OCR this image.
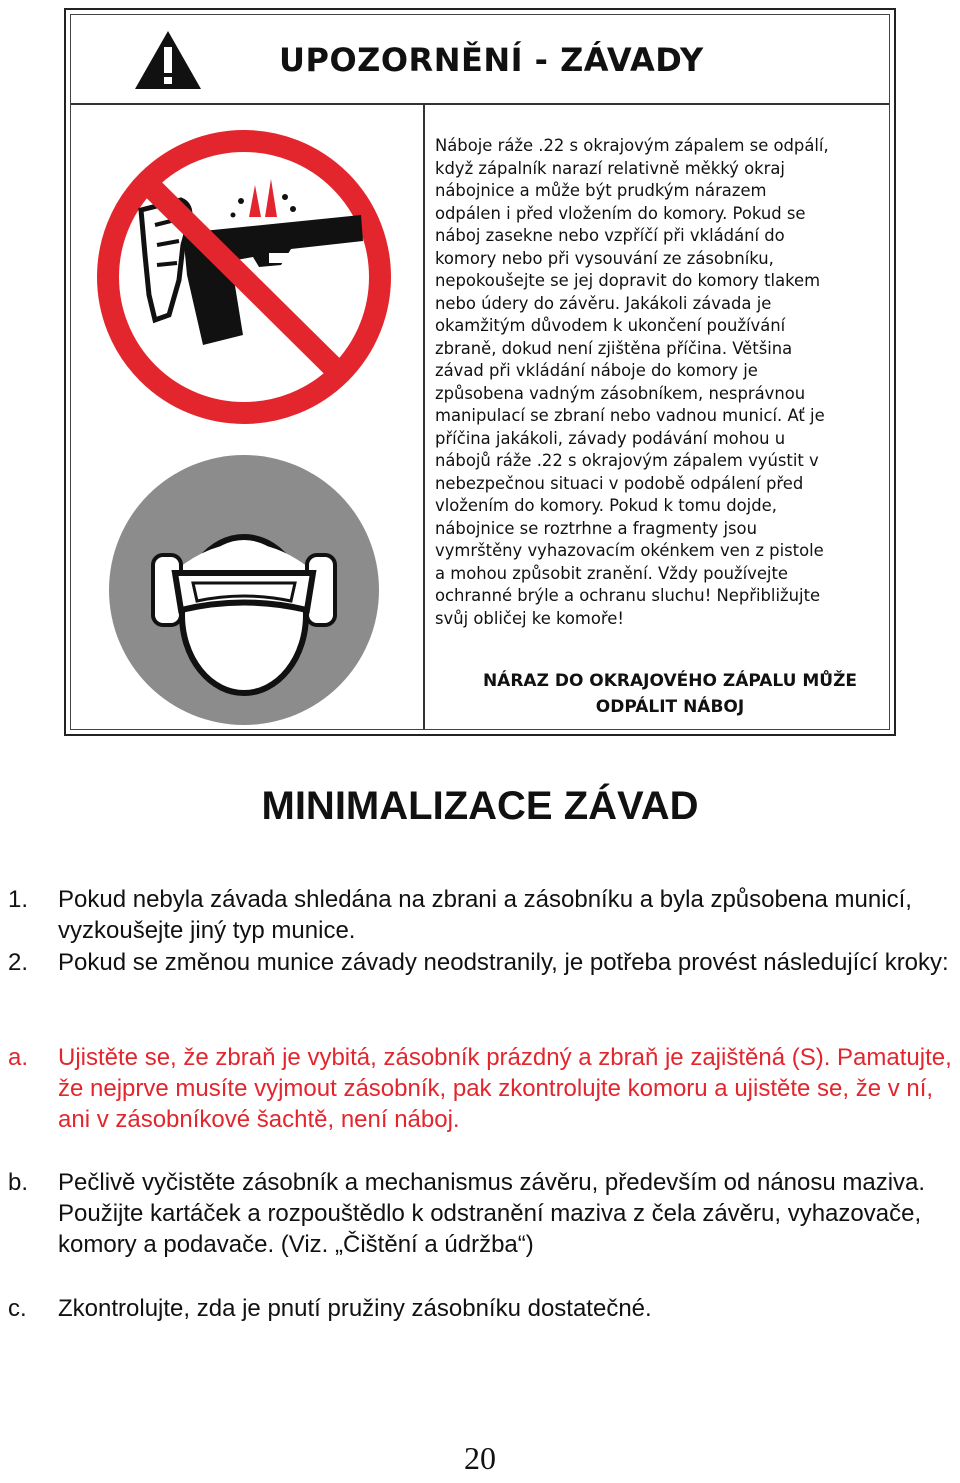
UPOZORNĚNÍ - ZÁVADY
Náboje ráže .22 s okrajovým zápalem se odpálí,
když zápalník narazí relativně měkký okraj
nábojnice a může být prudkým nárazem
odpálen i před vložením do komory. Pokud se
náboj zasekne nebo vzpříčí při vkládání do
komory nebo při vysouvání ze zásobníku,
nepokoušejte se jej dopravit do komory tlakem
nebo údery do závěru. Jakákoli závada je
okamžitým důvodem k ukončení používání
zbraně, dokud není zjištěna příčina. Většina
závad při vkládání náboje do komory je
způsobena vadným zásobníkem, nesprávnou
manipulací se zbraní nebo vadnou municí. Ať je
příčina jakákoli, závady podávání mohou u
nábojů ráže .22 s okrajovým zápalem vyústit v
nebezpečnou situaci v podobě odpálení před
vložením do komory. Pokud k tomu dojde,
nábojnice se roztrhne a fragmenty jsou
vymrštěny vyhazovacím okénkem ven z pistole
a mohou způsobit zranění. Vždy používejte
ochranné brýle a ochranu sluchu! Nepřibližujte
svůj obličej ke komoře!
MINIMALIZACE ZÁVAD
1. Pokud nebyla závada shledána na zbrani a zásobníku a byla způsobena municí, vyzkoušejte jiný typ munice.
2. Pokud se změnou munice závady neodstranily, je potřeba provést následující kroky:
a. Ujistěte se, že zbraň je vybitá, zásobník prázdný a zbraň je zajištěná (S). Pamatujte, že nejprve musíte vyjmout zásobník, pak zkontrolujte komoru a ujistěte se, že v ní, ani v zásobníkové šachtě, není náboj.
b. Pečlivě vyčistěte zásobník a mechanismus závěru, především od nánosu maziva. Použijte kartáček a rozpouštědlo k odstranění maziva z čela závěru, vyhazovače, komory a podavače. (Viz. „Čištění a údržba“)
c. Zkontrolujte, zda je pnutí pružiny zásobníku dostatečné.
20
NÁRAZ DO OKRAJOVÉHO ZÁPALU MŮŽE
ODPÁLIT NÁBOJ
